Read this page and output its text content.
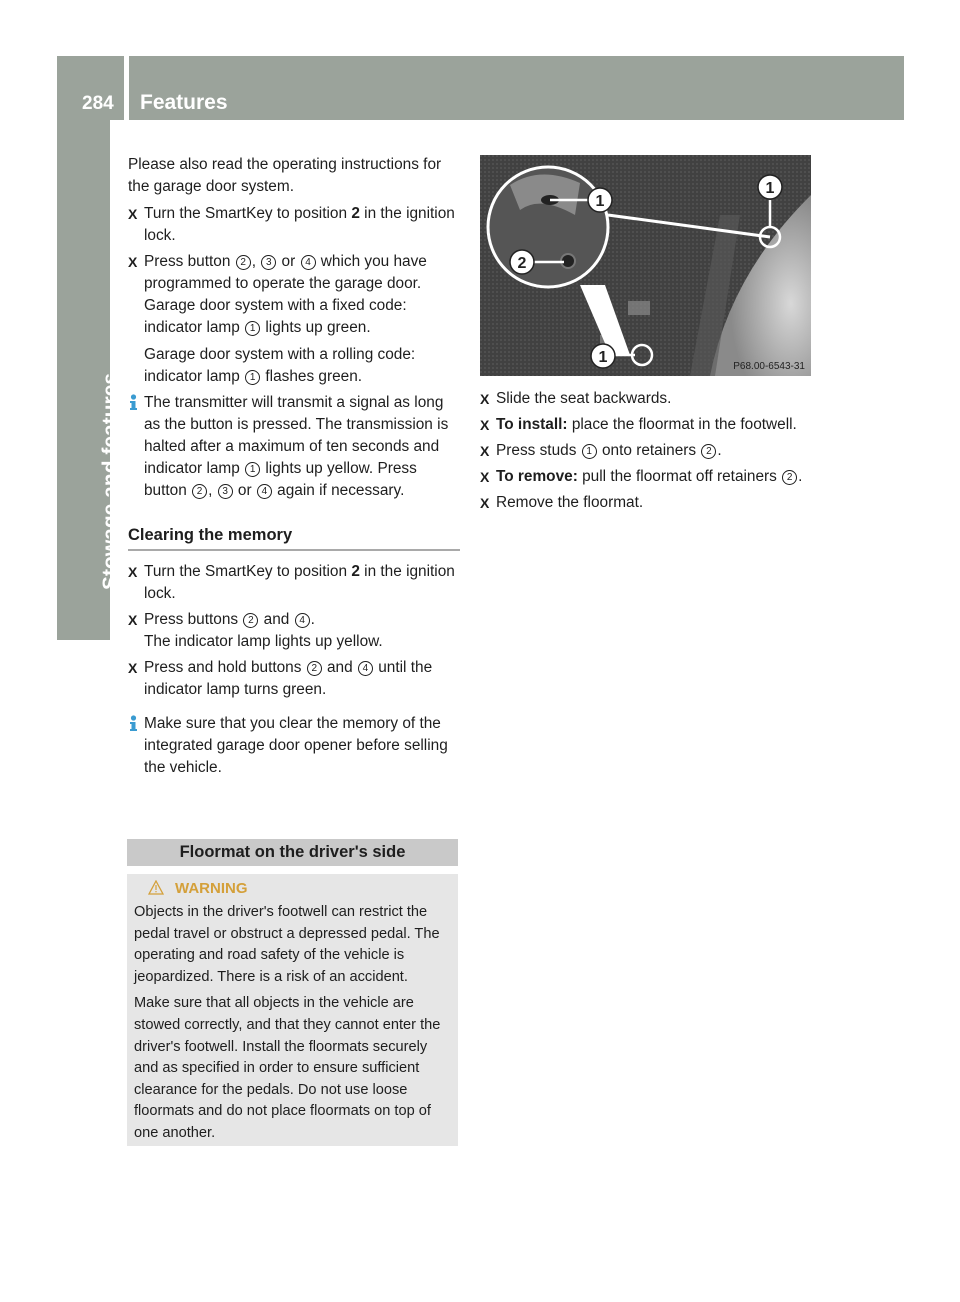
284 Features
Stowage and features

Please also read the operating instructions for the garage door system.

X Turn the SmartKey to position 2 in the ignition lock.
X Press button 2 , 3 or 4 which you have programmed to operate the garage door.
Garage door system with a fixed code: indicator lamp 1 lights up green.
Garage door system with a rolling code: indicator lamp 1 flashes green.
The transmitter will transmit a signal as long as the button is pressed. The transmission is halted after a maximum of ten seconds and indicator lamp 1 lights up yellow. Press button 2 , 3 or 4 again if necessary.
Clearing the memory
X Turn the SmartKey to position 2 in the ignition lock.
X Press buttons 2 and 4 .
The indicator lamp lights up yellow.
X Press and hold buttons 2 and 4 until the indicator lamp turns green.
Make sure that you clear the memory of the integrated garage door opener before selling the vehicle.
Floormat on the driver's side
WARNING

Objects in the driver's footwell can restrict the pedal travel or obstruct a depressed pedal. The operating and road safety of the vehicle is jeopardized. There is a risk of an accident.

Make sure that all objects in the vehicle are stowed correctly, and that they cannot enter the driver's footwell. Install the floormats securely and as specified in order to ensure sufficient clearance for the pedals. Do not use loose floormats and do not place floormats on top of one another.

1
2
1
1
P68.00-6543-31
X Slide the seat backwards.
X To install: place the floormat in the footwell.
X Press studs 1 onto retainers 2 .
X To remove: pull the floormat off retainers 2 .
X Remove the floormat.
